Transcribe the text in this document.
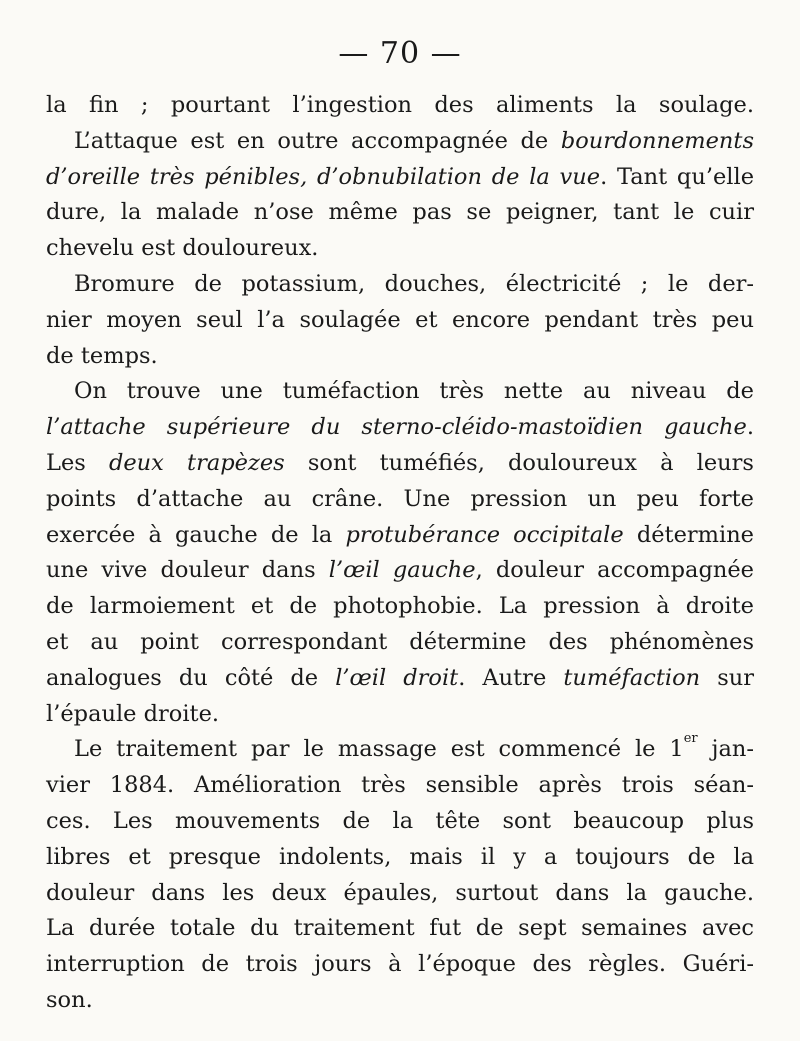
— 70 —
la fin ; pourtant l’ingestion des aliments la soulage.
L’attaque est en outre accompagnée de bourdonnements
d’oreille très pénibles, d’obnubilation de la vue. Tant qu’elle
dure, la malade n’ose même pas se peigner, tant le cuir
chevelu est douloureux.
Bromure de potassium, douches, électricité ; le der-
nier moyen seul l’a soulagée et encore pendant très peu
de temps.
On trouve une tuméfaction très nette au niveau de
l’attache supérieure du sterno-cléido-mastoïdien gauche.
Les deux trapèzes sont tuméfiés, douloureux à leurs
points d’attache au crâne. Une pression un peu forte
exercée à gauche de la protubérance occipitale détermine
une vive douleur dans l’œil gauche, douleur accompagnée
de larmoiement et de photophobie. La pression à droite
et au point correspondant détermine des phénomènes
analogues du côté de l’œil droit. Autre tuméfaction sur
l’épaule droite.
Le traitement par le massage est commencé le 1er jan-
vier 1884. Amélioration très sensible après trois séan-
ces. Les mouvements de la tête sont beaucoup plus
libres et presque indolents, mais il y a toujours de la
douleur dans les deux épaules, surtout dans la gauche.
La durée totale du traitement fut de sept semaines avec
interruption de trois jours à l’époque des règles. Guéri-
son.
